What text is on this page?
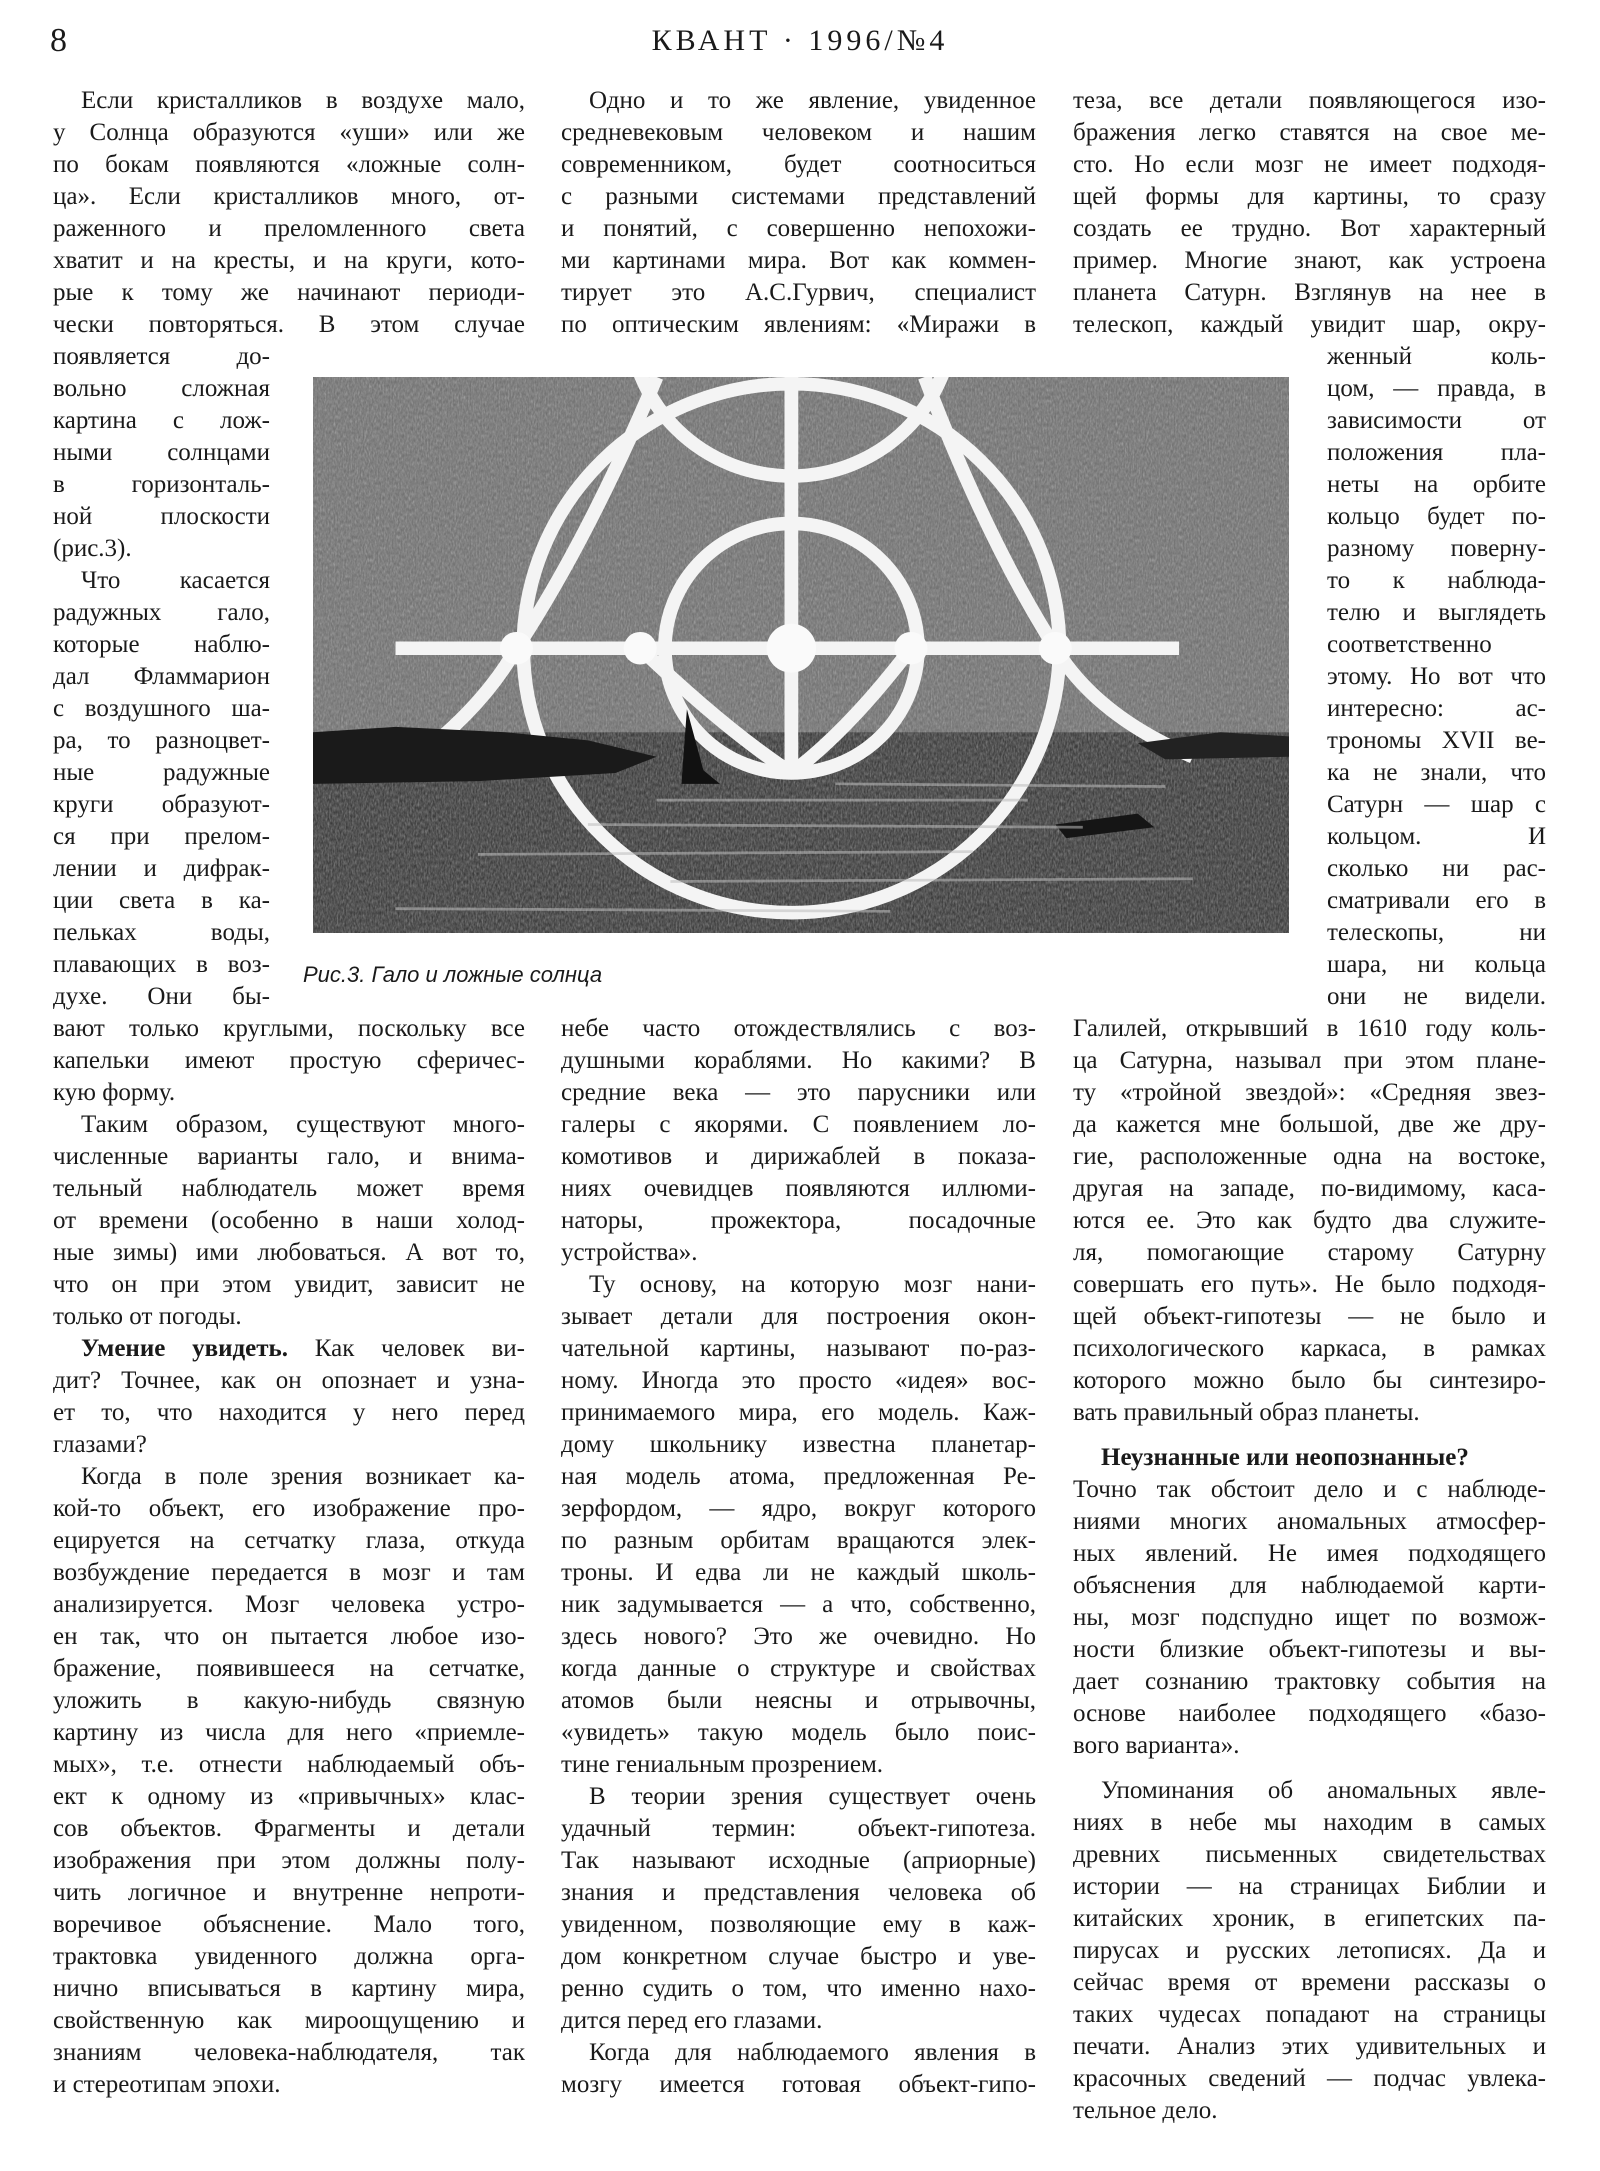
8	КВАНТ · 1996/№4
Если кристалликов в воздухе мало,
у Солнца образуются «уши» или же
по бокам появляются «ложные солн-
ца». Если кристалликов много, от-
раженного и преломленного света
хватит и на кресты, и на круги, кото-
рые к тому же начинают периоди-
чески повторяться. В этом случае
появляется до-
вольно сложная
картина с лож-
ными солнцами
в горизонталь-
ной плоскости
(рис.3).
Что касается
радужных гало,
которые наблю-
дал Фламмарион
с воздушного ша-
ра, то разноцвет-
ные радужные
круги образуют-
ся при прелом-
лении и дифрак-
ции света в ка-
пельках воды,
плавающих в воз-
духе. Они бы-
вают только круглыми, поскольку все
капельки имеют простую сферичес-
кую форму.
Таким образом, существуют много-
численные варианты гало, и внима-
тельный наблюдатель может время
от времени (особенно в наши холод-
ные зимы) ими любоваться. А вот то,
что он при этом увидит, зависит не
только от погоды.
Умение увидеть. Как человек ви-
дит? Точнее, как он опознает и узна-
ет то, что находится у него перед
глазами?
Когда в поле зрения возникает ка-
кой-то объект, его изображение про-
ецируется на сетчатку глаза, откуда
возбуждение передается в мозг и там
анализируется. Мозг человека устро-
ен так, что он пытается любое изо-
бражение, появившееся на сетчатке,
уложить в какую-нибудь связную
картину из числа для него «приемле-
мых», т.е. отнести наблюдаемый объ-
ект к одному из «привычных» клас-
сов объектов. Фрагменты и детали
изображения при этом должны полу-
чить логичное и внутренне непроти-
воречивое объяснение. Мало того,
трактовка увиденного должна орга-
нично вписываться в картину мира,
свойственную как мироощущению и
знаниям человека-наблюдателя, так
и стереотипам эпохи.
Одно и то же явление, увиденное
средневековым человеком и нашим
современником, будет соотноситься
с разными системами представлений
и понятий, с совершенно непохожи-
ми картинами мира. Вот как коммен-
тирует это А.С.Гурвич, специалист
по оптическим явлениям: «Миражи в
небе часто отождествлялись с воз-
душными кораблями. Но какими? В
средние века — это парусники или
галеры с якорями. С появлением ло-
комотивов и дирижаблей в показа-
ниях очевидцев появляются иллюми-
наторы, прожектора, посадочные
устройства».
Ту основу, на которую мозг нани-
зывает детали для построения окон-
чательной картины, называют по-раз-
ному. Иногда это просто «идея» вос-
принимаемого мира, его модель. Каж-
дому школьнику известна планетар-
ная модель атома, предложенная Ре-
зерфордом, — ядро, вокруг которого
по разным орбитам вращаются элек-
троны. И едва ли не каждый школь-
ник задумывается — а что, собственно,
здесь нового? Это же очевидно. Но
когда данные о структуре и свойствах
атомов были неясны и отрывочны,
«увидеть» такую модель было поис-
тине гениальным прозрением.
В теории зрения существует очень
удачный термин: объект-гипотеза.
Так называют исходные (априорные)
знания и представления человека об
увиденном, позволяющие ему в каж-
дом конкретном случае быстро и уве-
ренно судить о том, что именно нахо-
дится перед его глазами.
Когда для наблюдаемого явления в
мозгу имеется готовая объект-гипо-
теза, все детали появляющегося изо-
бражения легко ставятся на свое ме-
сто. Но если мозг не имеет подходя-
щей формы для картины, то сразу
создать ее трудно. Вот характерный
пример. Многие знают, как устроена
планета Сатурн. Взглянув на нее в
телескоп, каждый увидит шар, окру-
женный коль-
цом, — правда, в
зависимости от
положения пла-
неты на орбите
кольцо будет по-
разному поверну-
то к наблюда-
телю и выглядеть
соответственно
этому. Но вот что
интересно: ас-
трономы XVII ве-
ка не знали, что
Сатурн — шар с
кольцом. И
сколько ни рас-
сматривали его в
телескопы, ни
шара, ни кольца
они не видели.
Галилей, открывший в 1610 году коль-
ца Сатурна, называл при этом плане-
ту «тройной звездой»: «Средняя звез-
да кажется мне большой, две же дру-
гие, расположенные одна на востоке,
другая на западе, по-видимому, каса-
ются ее. Это как будто два служите-
ля, помогающие старому Сатурну
совершать его путь». Не было подходя-
щей объект-гипотезы — не было и
психологического каркаса, в рамках
которого можно было бы синтезиро-
вать правильный образ планеты.
Неузнанные или неопознанные?
Точно так обстоит дело и с наблюде-
ниями многих аномальных атмосфер-
ных явлений. Не имея подходящего
объяснения для наблюдаемой карти-
ны, мозг подспудно ищет по возмож-
ности близкие объект-гипотезы и вы-
дает сознанию трактовку события на
основе наиболее подходящего «базо-
вого варианта».
Упоминания об аномальных явле-
ниях в небе мы находим в самых
древних письменных свидетельствах
истории — на страницах Библии и
китайских хроник, в египетских па-
пирусах и русских летописях. Да и
сейчас время от времени рассказы о
таких чудесах попадают на страницы
печати. Анализ этих удивительных и
красочных сведений — подчас увлека-
тельное дело.
Рис.3. Гало и ложные солнца
